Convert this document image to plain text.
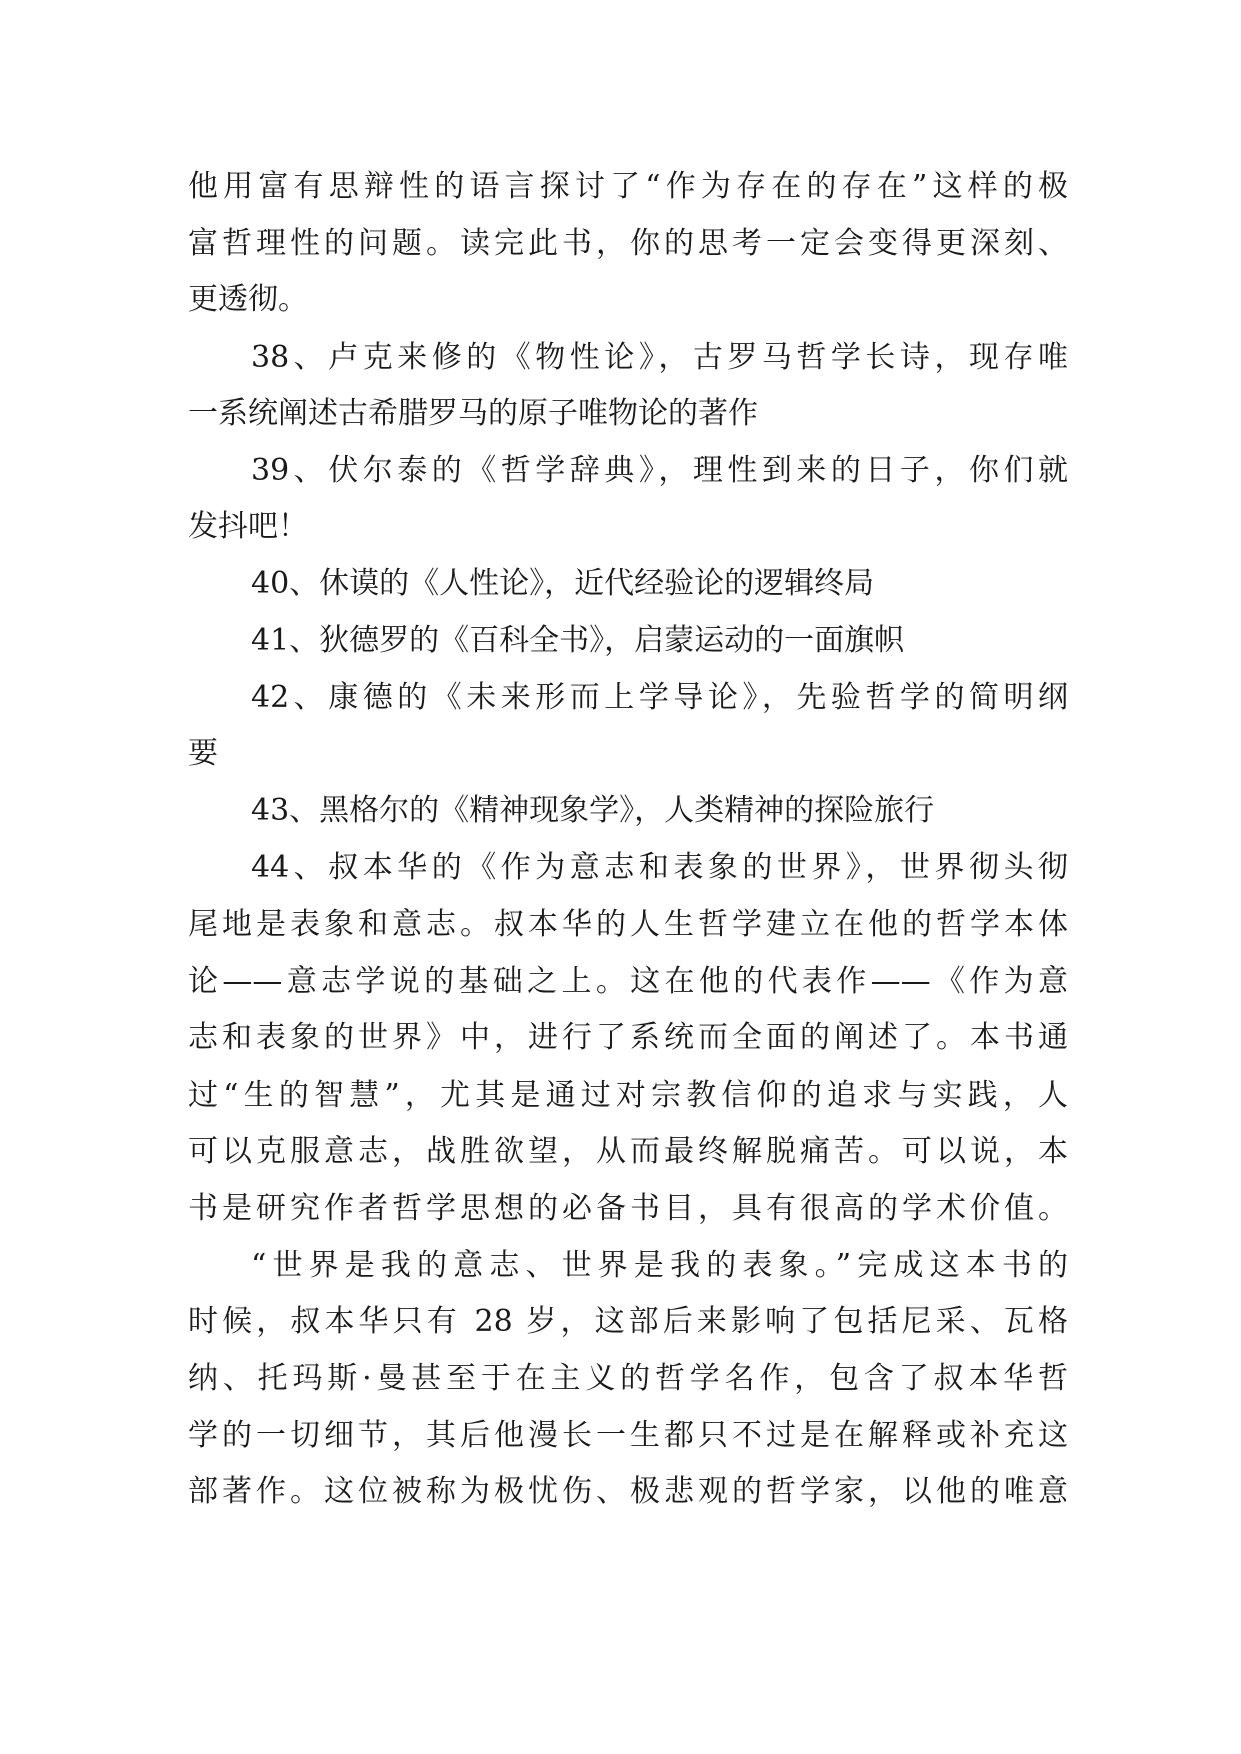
他用富有思辩性的语言探讨了“作为存在的存在”这样的极
富哲理性的问题。读完此书，你的思考一定会变得更深刻、
更透彻。
38、卢克来修的《物性论》，古罗马哲学长诗，现存唯
一系统阐述古希腊罗马的原子唯物论的著作
39、伏尔泰的《哲学辞典》，理性到来的日子，你们就
发抖吧！
40、休谟的《人性论》，近代经验论的逻辑终局
41、狄德罗的《百科全书》，启蒙运动的一面旗帜
42、康德的《未来形而上学导论》，先验哲学的简明纲
要
43、黑格尔的《精神现象学》，人类精神的探险旅行
44、叔本华的《作为意志和表象的世界》，世界彻头彻
尾地是表象和意志。叔本华的人生哲学建立在他的哲学本体
论——意志学说的基础之上。这在他的代表作——《作为意
志和表象的世界》中，进行了系统而全面的阐述了。本书通
过“生的智慧”，尤其是通过对宗教信仰的追求与实践，人
可以克服意志，战胜欲望，从而最终解脱痛苦。可以说，本
书是研究作者哲学思想的必备书目，具有很高的学术价值。
“世界是我的意志、世界是我的表象。”完成这本书的
时候，叔本华只有 28 岁，这部后来影响了包括尼采、瓦格
纳、托玛斯·曼甚至于在主义的哲学名作，包含了叔本华哲
学的一切细节，其后他漫长一生都只不过是在解释或补充这
部著作。这位被称为极忧伤、极悲观的哲学家，以他的唯意
